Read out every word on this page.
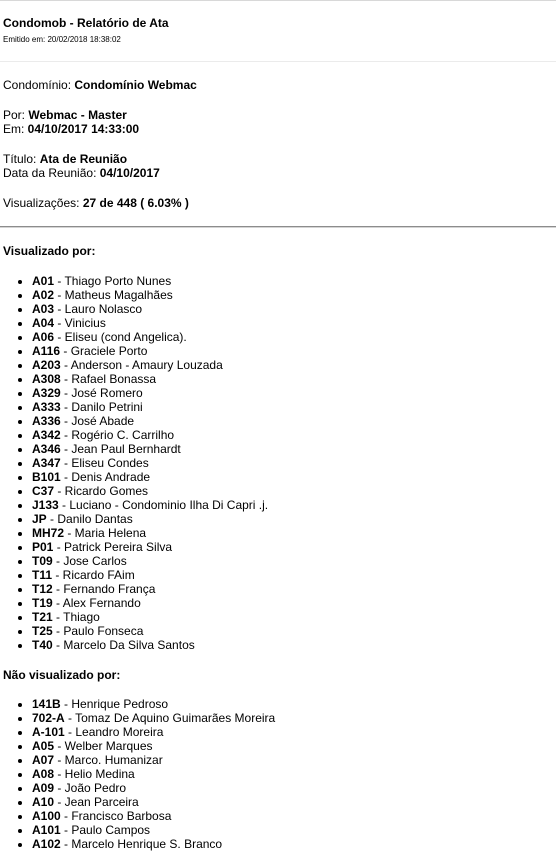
Condomob - Relatório de Ata
Emitido em: 20/02/2018 18:38:02
Condomínio: Condomínio Webmac
Por: Webmac - Master
Em: 04/10/2017 14:33:00
Título: Ata de Reunião
Data da Reunião: 04/10/2017
Visualizações: 27 de 448 ( 6.03% )
Visualizado por:
• A01 - Thiago Porto Nunes
• A02 - Matheus Magalhães
• A03 - Lauro Nolasco
• A04 - Vinicius
• A06 - Eliseu (cond Angelica).
• A116 - Graciele Porto
• A203 - Anderson - Amaury Louzada
• A308 - Rafael Bonassa
• A329 - José Romero
• A333 - Danilo Petrini
• A336 - José Abade
• A342 - Rogério C. Carrilho
• A346 - Jean Paul Bernhardt
• A347 - Eliseu Condes
• B101 - Denis Andrade
• C37 - Ricardo Gomes
• J133 - Luciano - Condominio Ilha Di Capri .j.
• JP - Danilo Dantas
• MH72 - Maria Helena
• P01 - Patrick Pereira Silva
• T09 - Jose Carlos
• T11 - Ricardo FAim
• T12 - Fernando França
• T19 - Alex Fernando
• T21 - Thiago
• T25 - Paulo Fonseca
• T40 - Marcelo Da Silva Santos
Não visualizado por:
• 141B - Henrique Pedroso
• 702-A - Tomaz De Aquino Guimarães Moreira
• A-101 - Leandro Moreira
• A05 - Welber Marques
• A07 - Marco. Humanizar
• A08 - Helio Medina
• A09 - João Pedro
• A10 - Jean Parceira
• A100 - Francisco Barbosa
• A101 - Paulo Campos
• A102 - Marcelo Henrique S. Branco
